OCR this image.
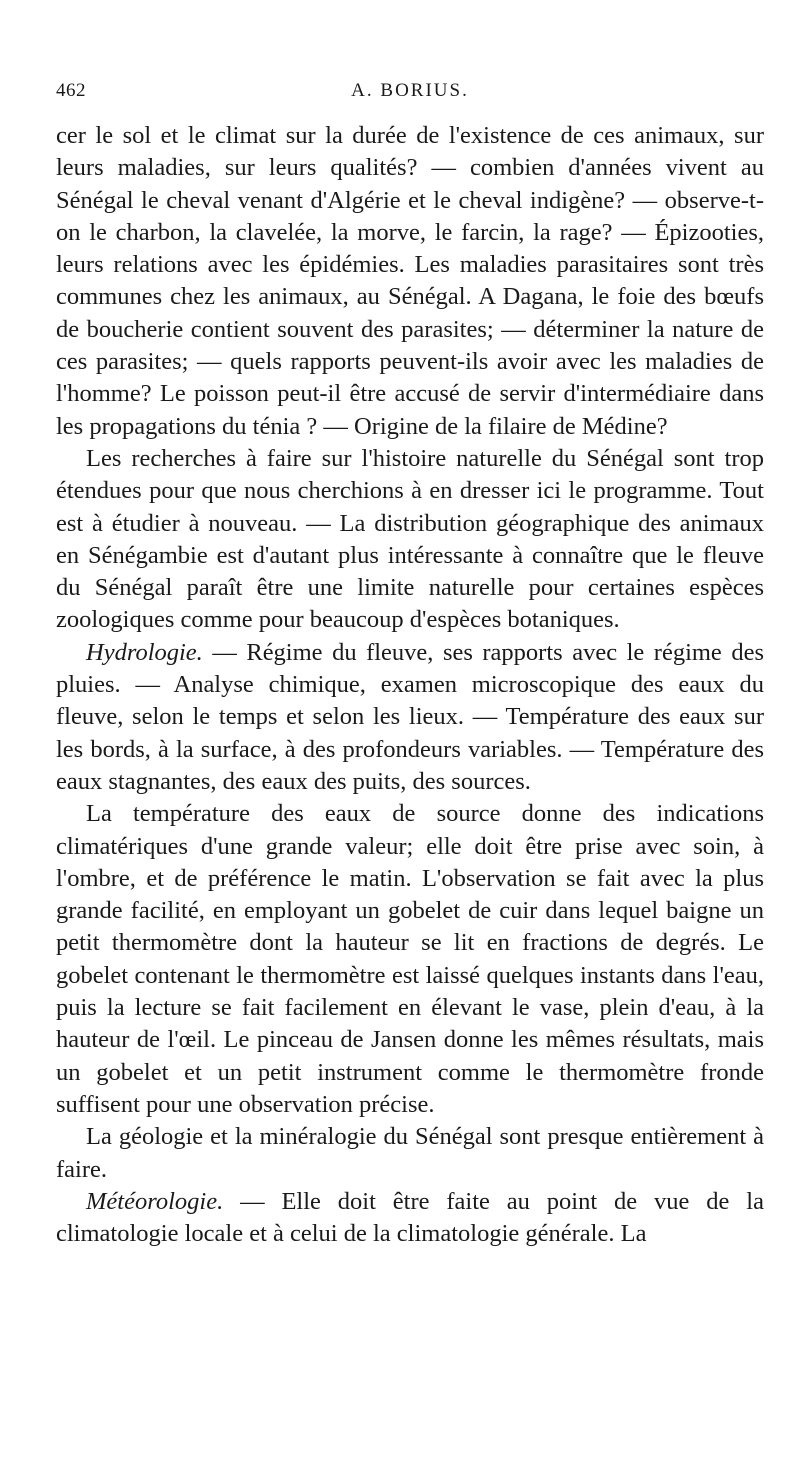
462	A. BORIUS.

cer le sol et le climat sur la durée de l'existence de ces animaux, sur leurs maladies, sur leurs qualités? — combien d'années vivent au Sénégal le cheval venant d'Algérie et le cheval indigène? — observe-t-on le charbon, la clavelée, la morve, le farcin, la rage? — Épizooties, leurs relations avec les épidémies. Les maladies parasitaires sont très communes chez les animaux, au Sénégal. A Dagana, le foie des bœufs de boucherie contient souvent des parasites; — déterminer la nature de ces parasites; — quels rapports peuvent-ils avoir avec les maladies de l'homme? Le poisson peut-il être accusé de servir d'intermédiaire dans les propagations du ténia ? — Origine de la filaire de Médine?

Les recherches à faire sur l'histoire naturelle du Sénégal sont trop étendues pour que nous cherchions à en dresser ici le programme. Tout est à étudier à nouveau. — La distribution géographique des animaux en Sénégambie est d'autant plus intéressante à connaître que le fleuve du Sénégal paraît être une limite naturelle pour certaines espèces zoologiques comme pour beaucoup d'espèces botaniques.

Hydrologie. — Régime du fleuve, ses rapports avec le régime des pluies. — Analyse chimique, examen microscopique des eaux du fleuve, selon le temps et selon les lieux. — Température des eaux sur les bords, à la surface, à des profondeurs variables. — Température des eaux stagnantes, des eaux des puits, des sources.

La température des eaux de source donne des indications climatériques d'une grande valeur; elle doit être prise avec soin, à l'ombre, et de préférence le matin. L'observation se fait avec la plus grande facilité, en employant un gobelet de cuir dans lequel baigne un petit thermomètre dont la hauteur se lit en fractions de degrés. Le gobelet contenant le thermomètre est laissé quelques instants dans l'eau, puis la lecture se fait facilement en élevant le vase, plein d'eau, à la hauteur de l'œil. Le pinceau de Jansen donne les mêmes résultats, mais un gobelet et un petit instrument comme le thermomètre fronde suffisent pour une observation précise.

La géologie et la minéralogie du Sénégal sont presque entièrement à faire.

Météorologie. — Elle doit être faite au point de vue de la climatologie locale et à celui de la climatologie générale. La
